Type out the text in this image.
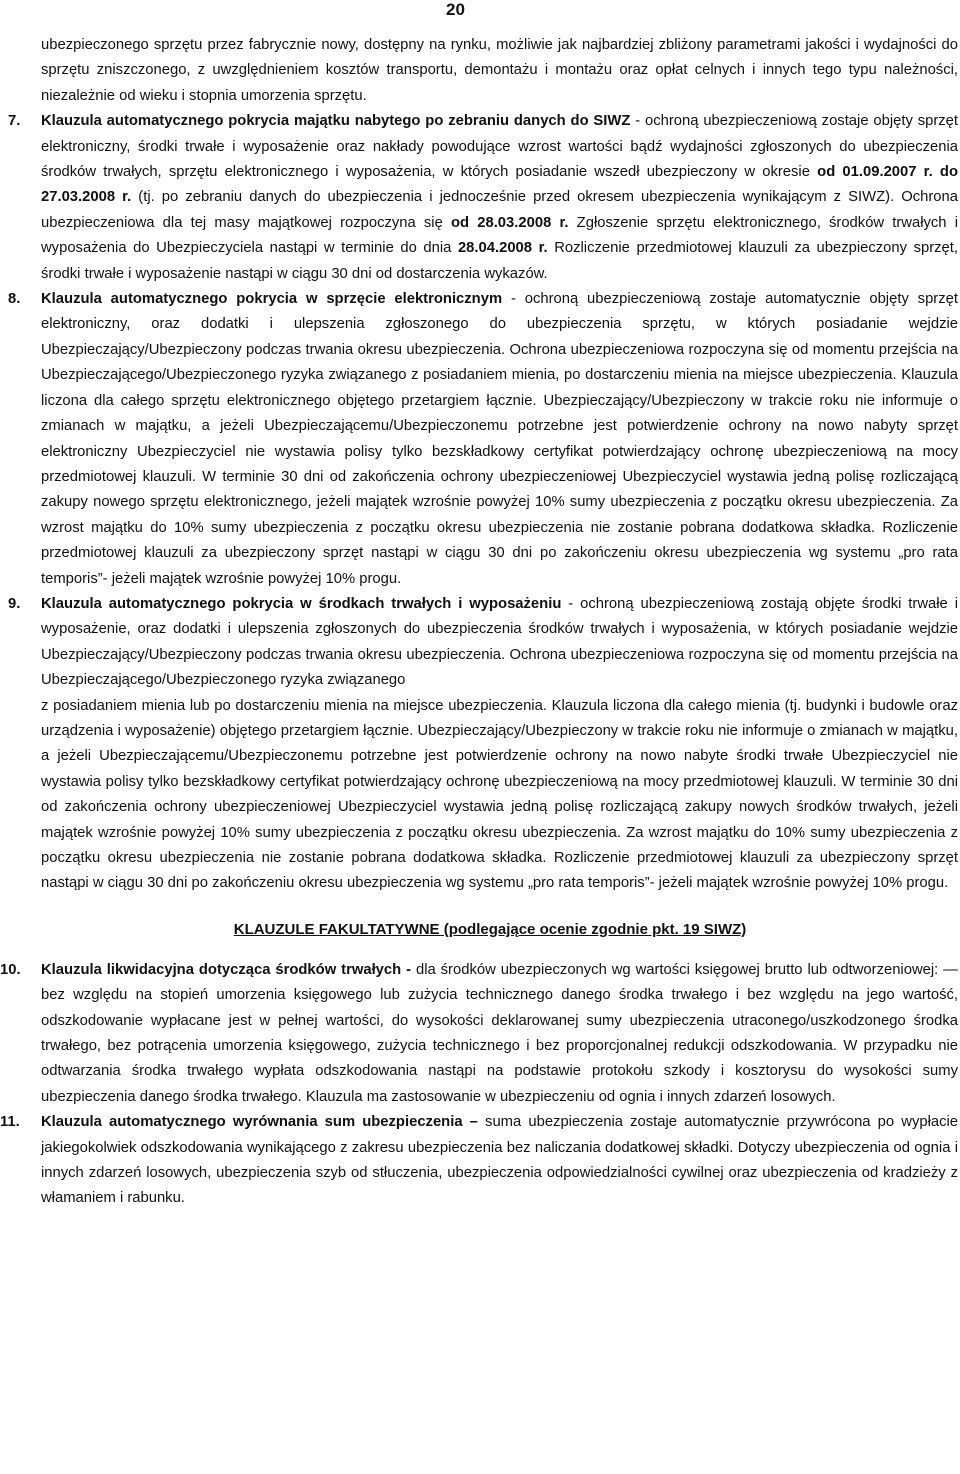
20
ubezpieczonego sprzętu przez fabrycznie nowy, dostępny na rynku, możliwie jak najbardziej zbliżony parametrami jakości i wydajności do sprzętu zniszczonego, z uwzględnieniem kosztów transportu, demontażu i montażu oraz opłat celnych i innych tego typu należności, niezależnie od wieku i stopnia umorzenia sprzętu.
7. Klauzula automatycznego pokrycia majątku nabytego po zebraniu danych do SIWZ - ochroną ubezpieczeniową zostaje objęty sprzęt elektroniczny, środki trwałe i wyposażenie oraz nakłady powodujące wzrost wartości bądź wydajności zgłoszonych do ubezpieczenia środków trwałych, sprzętu elektronicznego i wyposażenia, w których posiadanie wszedł ubezpieczony w okresie od 01.09.2007 r. do 27.03.2008 r. (tj. po zebraniu danych do ubezpieczenia i jednocześnie przed okresem ubezpieczenia wynikającym z SIWZ). Ochrona ubezpieczeniowa dla tej masy majątkowej rozpoczyna się od 28.03.2008 r. Zgłoszenie sprzętu elektronicznego, środków trwałych i wyposażenia do Ubezpieczyciela nastąpi w terminie do dnia 28.04.2008 r. Rozliczenie przedmiotowej klauzuli za ubezpieczony sprzęt, środki trwałe i wyposażenie nastąpi w ciągu 30 dni od dostarczenia wykazów.

8. Klauzula automatycznego pokrycia w sprzęcie elektronicznym - ochroną ubezpieczeniową zostaje automatycznie objęty sprzęt elektroniczny, oraz dodatki i ulepszenia zgłoszonego do ubezpieczenia sprzętu, w których posiadanie wejdzie Ubezpieczający/Ubezpieczony podczas trwania okresu ubezpieczenia. Ochrona ubezpieczeniowa rozpoczyna się od momentu przejścia na Ubezpieczającego/Ubezpieczonego ryzyka związanego z posiadaniem mienia, po dostarczeniu mienia na miejsce ubezpieczenia. Klauzula liczona dla całego sprzętu elektronicznego objętego przetargiem łącznie. Ubezpieczający/Ubezpieczony w trakcie roku nie informuje o zmianach w majątku, a jeżeli Ubezpieczającemu/Ubezpieczonemu potrzebne jest potwierdzenie ochrony na nowo nabyty sprzęt elektroniczny Ubezpieczyciel nie wystawia polisy tylko bezskładkowy certyfikat potwierdzający ochronę ubezpieczeniową na mocy przedmiotowej klauzuli. W terminie 30 dni od zakończenia ochrony ubezpieczeniowej Ubezpieczyciel wystawia jedną polisę rozliczającą zakupy nowego sprzętu elektronicznego, jeżeli majątek wzrośnie powyżej 10% sumy ubezpieczenia z początku okresu ubezpieczenia. Za wzrost majątku do 10% sumy ubezpieczenia z początku okresu ubezpieczenia nie zostanie pobrana dodatkowa składka. Rozliczenie przedmiotowej klauzuli za ubezpieczony sprzęt nastąpi w ciągu 30 dni po zakończeniu okresu ubezpieczenia wg systemu „pro rata temporis”- jeżeli majątek wzrośnie powyżej 10% progu.

9. Klauzula automatycznego pokrycia w środkach trwałych i wyposażeniu - ochroną ubezpieczeniową zostają objęte środki trwałe i wyposażenie, oraz dodatki i ulepszenia zgłoszonych do ubezpieczenia środków trwałych i wyposażenia, w których posiadanie wejdzie Ubezpieczający/Ubezpieczony podczas trwania okresu ubezpieczenia. Ochrona ubezpieczeniowa rozpoczyna się od momentu przejścia na Ubezpieczającego/Ubezpieczonego ryzyka związanego

z posiadaniem mienia lub po dostarczeniu mienia na miejsce ubezpieczenia. Klauzula liczona dla całego mienia (tj. budynki i budowle oraz urządzenia i wyposażenie) objętego przetargiem łącznie. Ubezpieczający/Ubezpieczony w trakcie roku nie informuje o zmianach w majątku, a jeżeli Ubezpieczającemu/Ubezpieczonemu potrzebne jest potwierdzenie ochrony na nowo nabyte środki trwałe Ubezpieczyciel nie wystawia polisy tylko bezskładkowy certyfikat potwierdzający ochronę ubezpieczeniową na mocy przedmiotowej klauzuli. W terminie 30 dni od zakończenia ochrony ubezpieczeniowej Ubezpieczyciel wystawia jedną polisę rozliczającą zakupy nowych środków trwałych, jeżeli majątek wzrośnie powyżej 10% sumy ubezpieczenia z początku okresu ubezpieczenia. Za wzrost majątku do 10% sumy ubezpieczenia z początku okresu ubezpieczenia nie zostanie pobrana dodatkowa składka. Rozliczenie przedmiotowej klauzuli za ubezpieczony sprzęt nastąpi w ciągu 30 dni po zakończeniu okresu ubezpieczenia wg systemu „pro rata temporis”- jeżeli majątek wzrośnie powyżej 10% progu.

KLAUZULE FAKULTATYWNE (podlegające ocenie zgodnie pkt. 19 SIWZ)
10. Klauzula likwidacyjna dotycząca środków trwałych - dla środków ubezpieczonych wg wartości księgowej brutto lub odtworzeniowej: — bez względu na stopień umorzenia księgowego lub zużycia technicznego danego środka trwałego i bez względu na jego wartość, odszkodowanie wypłacane jest w pełnej wartości, do wysokości deklarowanej sumy ubezpieczenia utraconego/uszkodzonego środka trwałego, bez potrącenia umorzenia księgowego, zużycia technicznego i bez proporcjonalnej redukcji odszkodowania. W przypadku nie odtwarzania środka trwałego wypłata odszkodowania nastąpi na podstawie protokołu szkody i kosztorysu do wysokości sumy ubezpieczenia danego środka trwałego. Klauzula ma zastosowanie w ubezpieczeniu od ognia i innych zdarzeń losowych.

11. Klauzula automatycznego wyrównania sum ubezpieczenia – suma ubezpieczenia zostaje automatycznie przywrócona po wypłacie jakiegokolwiek odszkodowania wynikającego z zakresu ubezpieczenia bez naliczania dodatkowej składki. Dotyczy ubezpieczenia od ognia i innych zdarzeń losowych, ubezpieczenia szyb od stłuczenia, ubezpieczenia odpowiedzialności cywilnej oraz ubezpieczenia od kradzieży z włamaniem i rabunku.
